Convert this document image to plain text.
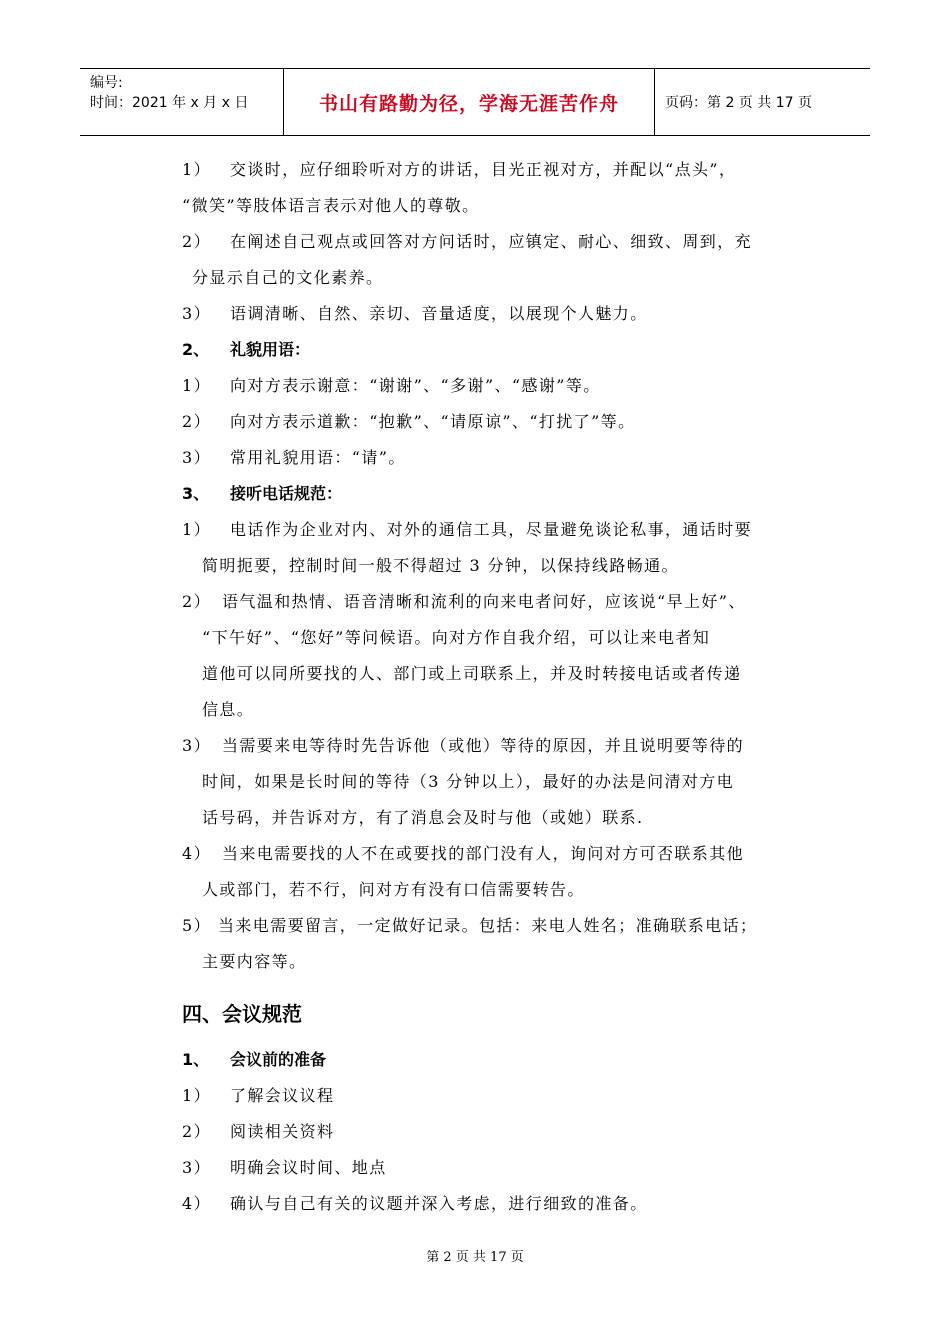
编号:
时间：2021 年 x 月 x 日	书山有路勤为径，学海无涯苦作舟	页码：第 2 页 共 17 页
1）	交谈时，应仔细聆听对方的讲话，目光正视对方，并配以“点头”，
“微笑”等肢体语言表示对他人的尊敬。
2）	在阐述自己观点或回答对方问话时，应镇定、耐心、细致、周到，充
分显示自己的文化素养。
3）	语调清晰、自然、亲切、音量适度，以展现个人魅力。
2、	礼貌用语：
1）	向对方表示谢意：“谢谢”、“多谢”、“感谢”等。
2）	向对方表示道歉：“抱歉”、“请原谅”、“打扰了”等。
3）	常用礼貌用语：“请”。
3、	接听电话规范：
1）	电话作为企业对内、对外的通信工具，尽量避免谈论私事，通话时要
简明扼要，控制时间一般不得超过 3 分钟，以保持线路畅通。
2） 语气温和热情、语音清晰和流利的向来电者问好，应该说“早上好”、
“下午好”、“您好”等问候语。向对方作自我介绍，可以让来电者知
道他可以同所要找的人、部门或上司联系上，并及时转接电话或者传递
信息。
3） 当需要来电等待时先告诉他（或他）等待的原因，并且说明要等待的
时间，如果是长时间的等待（3 分钟以上），最好的办法是问清对方电
话号码，并告诉对方，有了消息会及时与他（或她）联系.
4） 当来电需要找的人不在或要找的部门没有人，询问对方可否联系其他
人或部门，若不行，问对方有没有口信需要转告。
5） 当来电需要留言，一定做好记录。包括：来电人姓名；准确联系电话；
主要内容等。
四、会议规范
1、	会议前的准备
1）	了解会议议程
2）	阅读相关资料
3）	明确会议时间、地点
4）	确认与自己有关的议题并深入考虑，进行细致的准备。
第 2 页 共 17 页
